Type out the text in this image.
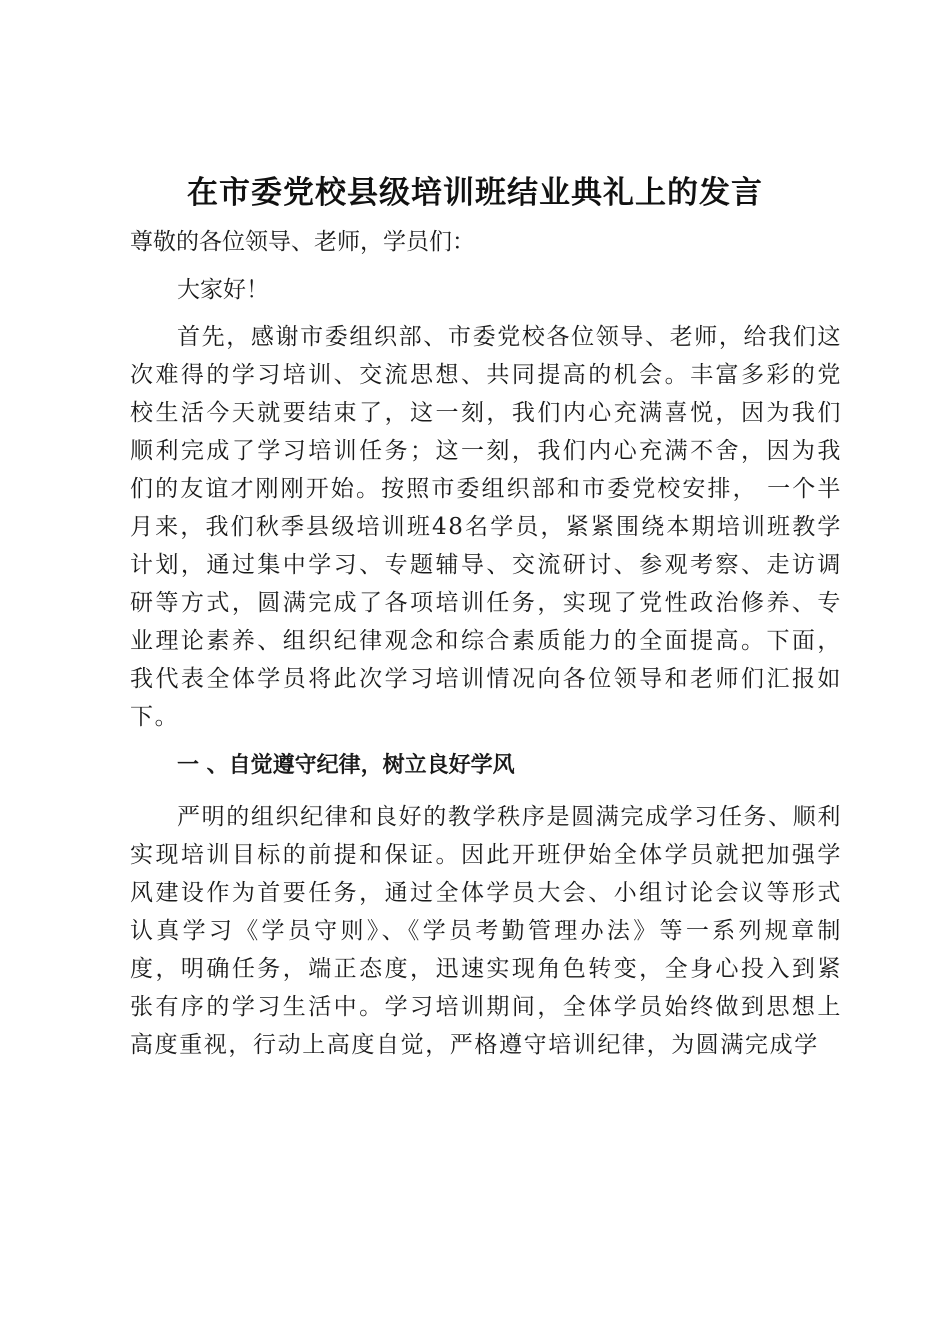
在市委党校县级培训班结业典礼上的发言

尊敬的各位领导、老师，学员们：

大家好！

首先，感谢市委组织部、市委党校各位领导、老师，给我们这次难得的学习培训、交流思想、共同提高的机会。丰富多彩的党校生活今天就要结束了，这一刻，我们内心充满喜悦，因为我们顺利完成了学习培训任务；这一刻，我们内心充满不舍，因为我们的友谊才刚刚开始。按照市委组织部和市委党校安排， 一个半月来，我们秋季县级培训班48名学员，紧紧围绕本期培训班教学计划，通过集中学习、专题辅导、交流研讨、参观考察、走访调研等方式，圆满完成了各项培训任务，实现了党性政治修养、专业理论素养、组织纪律观念和综合素质能力的全面提高。下面，我代表全体学员将此次学习培训情况向各位领导和老师们汇报如下。

一 、自觉遵守纪律，树立良好学风

严明的组织纪律和良好的教学秩序是圆满完成学习任务、顺利实现培训目标的前提和保证。因此开班伊始全体学员就把加强学风建设作为首要任务，通过全体学员大会、小组讨论会议等形式认真学习《学员守则》、《学员考勤管理办法》等一系列规章制度，明确任务，端正态度，迅速实现角色转变，全身心投入到紧张有序的学习生活中。学习培训期间，全体学员始终做到思想上高度重视，行动上高度自觉，严格遵守培训纪律，为圆满完成学
